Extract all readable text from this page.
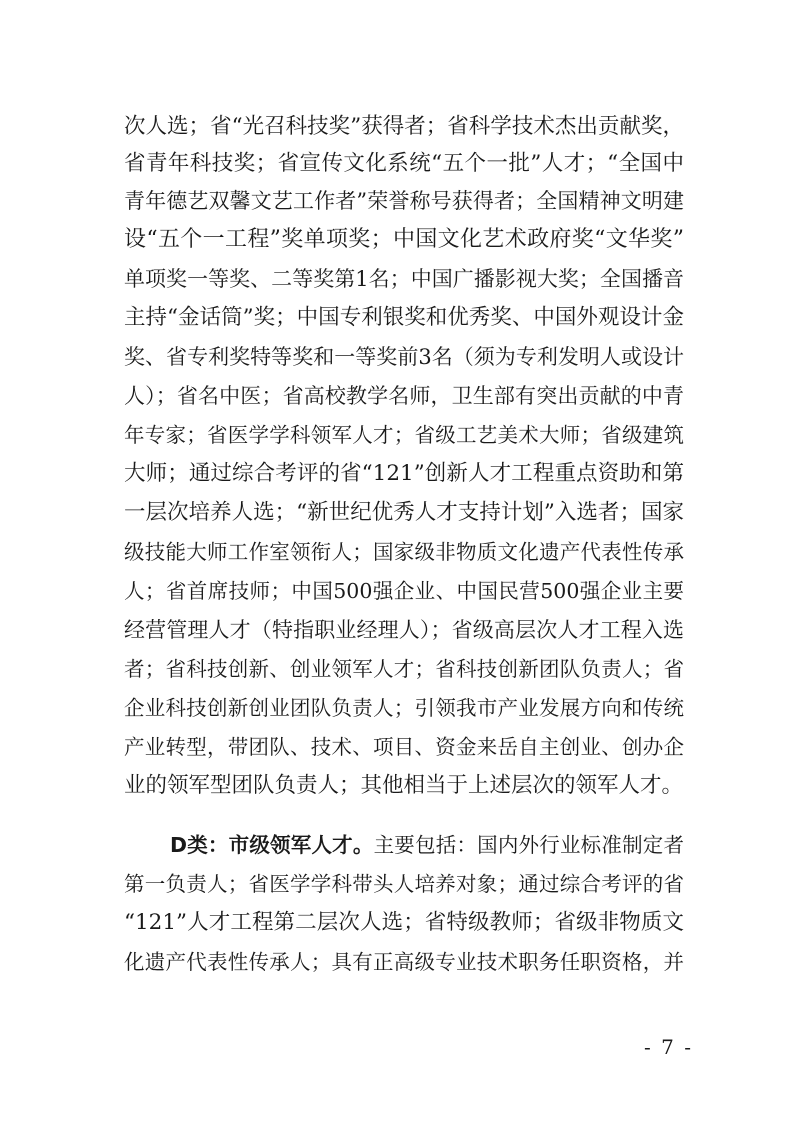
次人选；省“光召科技奖”获得者；省科学技术杰出贡献奖，
省青年科技奖；省宣传文化系统“五个一批”人才；“全国中
青年德艺双馨文艺工作者”荣誉称号获得者；全国精神文明建
设“五个一工程”奖单项奖；中国文化艺术政府奖“文华奖”
单项奖一等奖、二等奖第1名；中国广播影视大奖；全国播音
主持“金话筒”奖；中国专利银奖和优秀奖、中国外观设计金
奖、省专利奖特等奖和一等奖前3名（须为专利发明人或设计
人）；省名中医；省高校教学名师，卫生部有突出贡献的中青
年专家；省医学学科领军人才；省级工艺美术大师；省级建筑
大师；通过综合考评的省“121”创新人才工程重点资助和第
一层次培养人选；“新世纪优秀人才支持计划”入选者；国家
级技能大师工作室领衔人；国家级非物质文化遗产代表性传承
人；省首席技师；中国500强企业、中国民营500强企业主要
经营管理人才（特指职业经理人）；省级高层次人才工程入选
者；省科技创新、创业领军人才；省科技创新团队负责人；省
企业科技创新创业团队负责人；引领我市产业发展方向和传统
产业转型，带团队、技术、项目、资金来岳自主创业、创办企
业的领军型团队负责人；其他相当于上述层次的领军人才。
D类：市级领军人才。主要包括：国内外行业标准制定者
第一负责人；省医学学科带头人培养对象；通过综合考评的省
“121”人才工程第二层次人选；省特级教师；省级非物质文
化遗产代表性传承人；具有正高级专业技术职务任职资格，并
- 7 -
